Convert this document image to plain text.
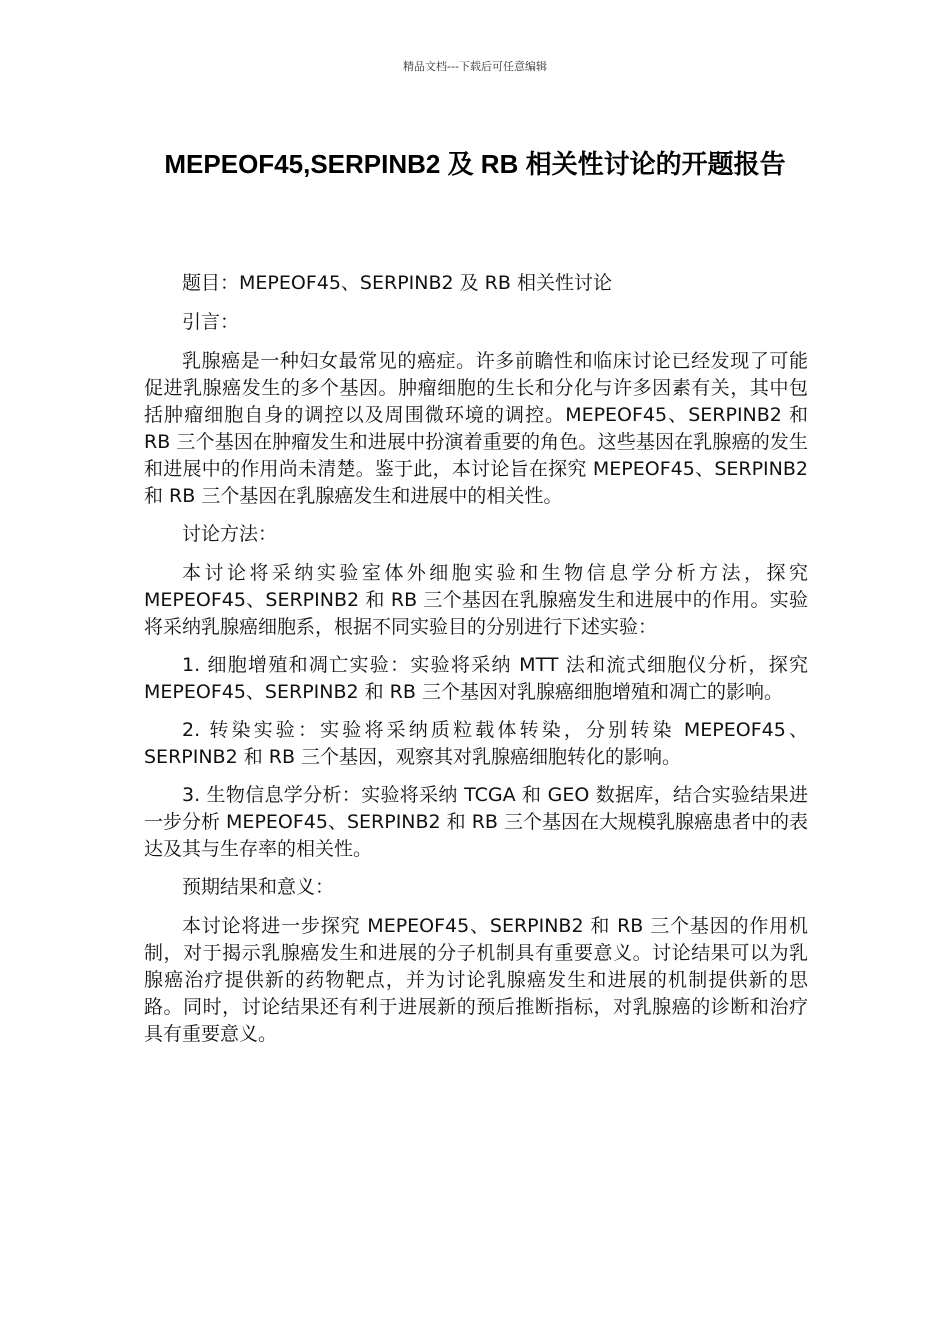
精品文档---下载后可任意编辑
MEPEOF45,SERPINB2 及 RB 相关性讨论的开题报告

题目：MEPEOF45、SERPINB2 及 RB 相关性讨论

引言：

乳腺癌是一种妇女最常见的癌症。许多前瞻性和临床讨论已经发现了可能促进乳腺癌发生的多个基因。肿瘤细胞的生长和分化与许多因素有关，其中包括肿瘤细胞自身的调控以及周围微环境的调控。MEPEOF45、SERPINB2 和 RB 三个基因在肿瘤发生和进展中扮演着重要的角色。这些基因在乳腺癌的发生和进展中的作用尚未清楚。鉴于此，本讨论旨在探究 MEPEOF45、SERPINB2 和 RB 三个基因在乳腺癌发生和进展中的相关性。

讨论方法：

本讨论将采纳实验室体外细胞实验和生物信息学分析方法，探究 MEPEOF45、SERPINB2 和 RB 三个基因在乳腺癌发生和进展中的作用。实验将采纳乳腺癌细胞系，根据不同实验目的分别进行下述实验：

1. 细胞增殖和凋亡实验：实验将采纳 MTT 法和流式细胞仪分析，探究 MEPEOF45、SERPINB2 和 RB 三个基因对乳腺癌细胞增殖和凋亡的影响。

2. 转染实验：实验将采纳质粒载体转染，分别转染 MEPEOF45、SERPINB2 和 RB 三个基因，观察其对乳腺癌细胞转化的影响。

3. 生物信息学分析：实验将采纳 TCGA 和 GEO 数据库，结合实验结果进一步分析 MEPEOF45、SERPINB2 和 RB 三个基因在大规模乳腺癌患者中的表达及其与生存率的相关性。

预期结果和意义：

本讨论将进一步探究 MEPEOF45、SERPINB2 和 RB 三个基因的作用机制，对于揭示乳腺癌发生和进展的分子机制具有重要意义。讨论结果可以为乳腺癌治疗提供新的药物靶点，并为讨论乳腺癌发生和进展的机制提供新的思路。同时，讨论结果还有利于进展新的预后推断指标，对乳腺癌的诊断和治疗具有重要意义。
